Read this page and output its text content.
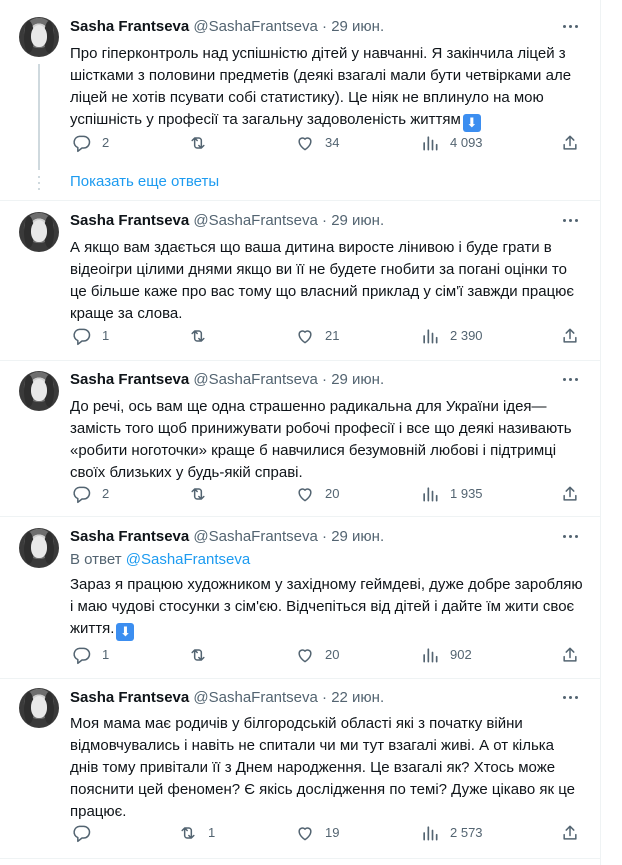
Sasha Frantseva @SashaFrantseva · 29 июн.
Про гіперконтроль над успішністю дітей у навчанні. Я закінчила ліцей з шістками з половини предметів (деякі взагалі мали бути четвірками але ліцей не хотів псувати собі статистику). Це ніяк не вплинуло на мою успішність у професії та загальну задоволеність життям ⬇
2	34	4 093
Показать еще ответы
Sasha Frantseva @SashaFrantseva · 29 июн.
А якщо вам здається що ваша дитина виросте лінивою і буде грати в відеоігри цілими днями якщо ви її не будете гнобити за погані оцінки то це більше каже про вас тому що власний приклад у сім'ї завжди працює краще за слова.
1	21	2 390
Sasha Frantseva @SashaFrantseva · 29 июн.
До речі, ось вам ще одна страшенно радикальна для України ідея— замість того щоб принижувати робочі професії і все що деякі називають «робити ноготочки» краще б навчилися безумовній любові і підтримці своїх близьких у будь-якій справі.
2	20	1 935
Sasha Frantseva @SashaFrantseva · 29 июн.
В ответ @SashaFrantseva
Зараз я працюю художником у західному геймдеві, дуже добре заробляю і маю чудові стосунки з сім'єю. Відчепіться від дітей і дайте їм жити своє життя. ⬇
1	20	902
Sasha Frantseva @SashaFrantseva · 22 июн.
Моя мама має родичів у білгородській області які з початку війни відмовчувались і навіть не спитали чи ми тут взагалі живі. А от кілька днів тому привітали її з Днем народження. Це взагалі як? Хтось може пояснити цей феномен? Є якісь дослідження по темі? Дуже цікаво як це працює.
1	19	2 573
